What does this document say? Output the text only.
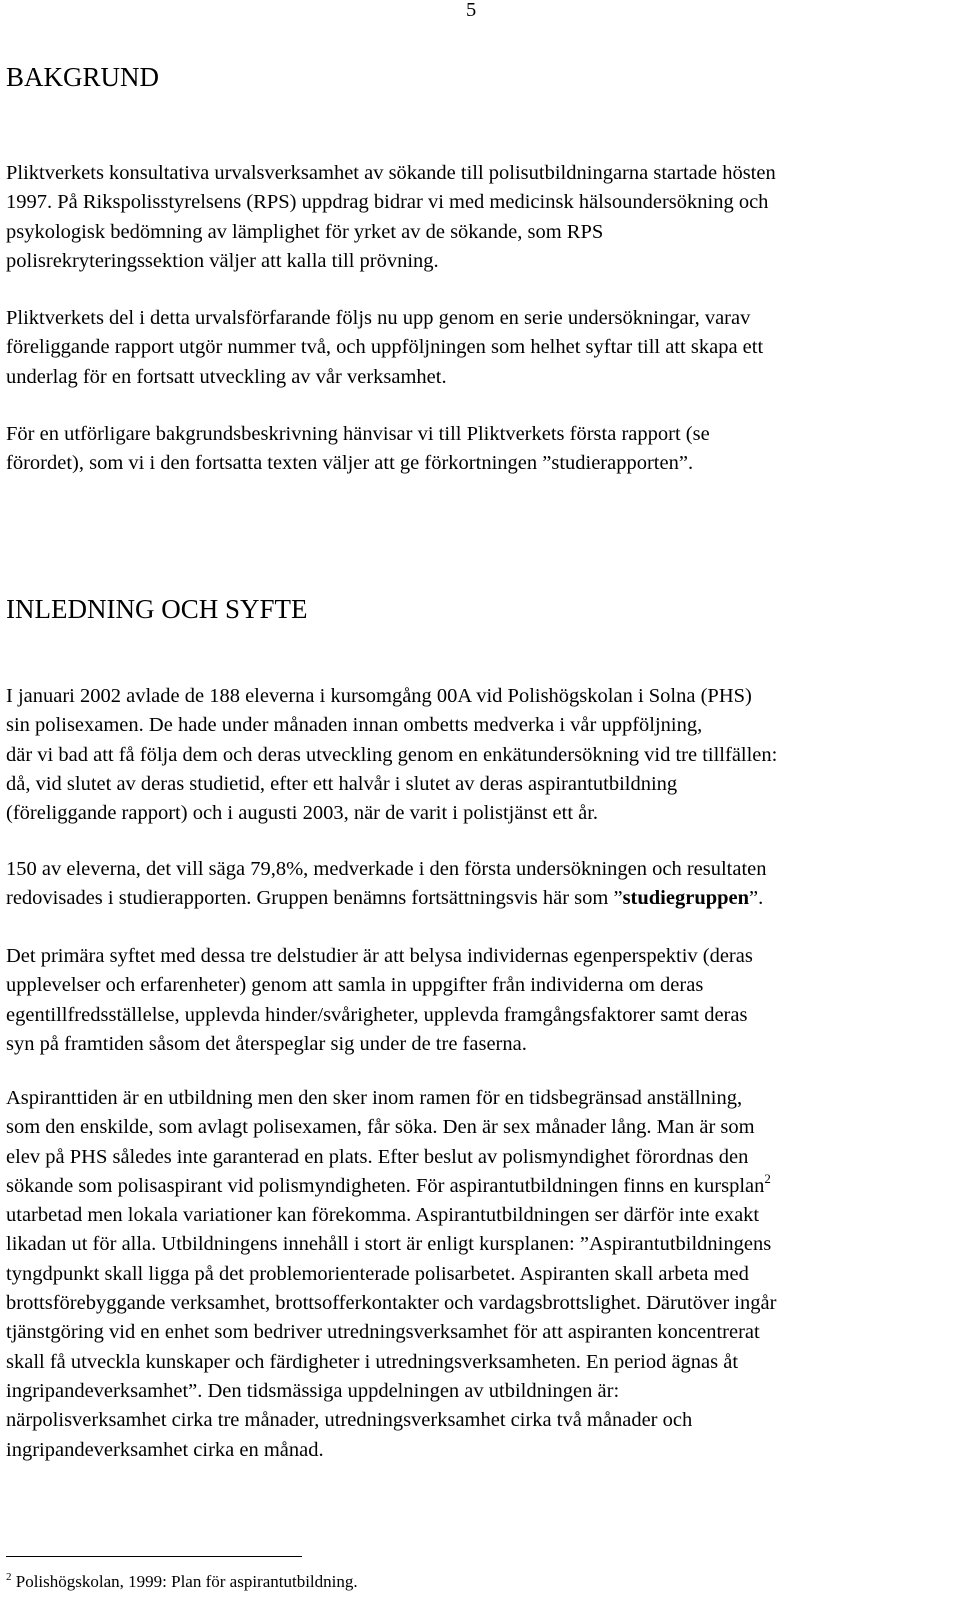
5
BAKGRUND

Pliktverkets konsultativa urvalsverksamhet av sökande till polisutbildningarna startade hösten
1997. På Rikspolisstyrelsens (RPS) uppdrag bidrar vi med medicinsk hälsoundersökning och
psykologisk bedömning av lämplighet för yrket av de sökande, som RPS
polisrekryteringssektion väljer att kalla till prövning.

Pliktverkets del i detta urvalsförfarande följs nu upp genom en serie undersökningar, varav
föreliggande rapport utgör nummer två, och uppföljningen som helhet syftar till att skapa ett
underlag för en fortsatt utveckling av vår verksamhet.

För en utförligare bakgrundsbeskrivning hänvisar vi till Pliktverkets första rapport (se
förordet), som vi i den fortsatta texten väljer att ge förkortningen ”studierapporten”.

INLEDNING OCH SYFTE

I januari 2002 avlade de 188 eleverna i kursomgång 00A vid Polishögskolan i Solna (PHS)
sin polisexamen. De hade under månaden innan ombetts medverka i vår uppföljning,
där vi bad att få följa dem och deras utveckling genom en enkätundersökning vid tre tillfällen:
då, vid slutet av deras studietid, efter ett halvår i slutet av deras aspirantutbildning
(föreliggande rapport) och i augusti 2003, när de varit i polistjänst ett år.

150 av eleverna, det vill säga 79,8%, medverkade i den första undersökningen och resultaten
redovisades i studierapporten. Gruppen benämns fortsättningsvis här som ”studiegruppen”.

Det primära syftet med dessa tre delstudier är att belysa individernas egenperspektiv (deras
upplevelser och erfarenheter) genom att samla in uppgifter från individerna om deras
egentillfredsställelse, upplevda hinder/svårigheter, upplevda framgångsfaktorer samt deras
syn på framtiden såsom det återspeglar sig under de tre faserna.

Aspiranttiden är en utbildning men den sker inom ramen för en tidsbegränsad anställning,
som den enskilde, som avlagt polisexamen, får söka. Den är sex månader lång. Man är som
elev på PHS således inte garanterad en plats. Efter beslut av polismyndighet förordnas den
sökande som polisaspirant vid polismyndigheten. För aspirantutbildningen finns en kursplan$^2$
utarbetad men lokala variationer kan förekomma. Aspirantutbildningen ser därför inte exakt
likadan ut för alla. Utbildningens innehåll i stort är enligt kursplanen: ”Aspirantutbildningens
tyngdpunkt skall ligga på det problemorienterade polisarbetet. Aspiranten skall arbeta med
brottsförebyggande verksamhet, brottsofferkontakter och vardagsbrottslighet. Därutöver ingår
tjänstgöring vid en enhet som bedriver utredningsverksamhet för att aspiranten koncentrerat
skall få utveckla kunskaper och färdigheter i utredningsverksamheten. En period ägnas åt
ingripandeverksamhet”. Den tidsmässiga uppdelningen av utbildningen är:
närpolisverksamhet cirka tre månader, utredningsverksamhet cirka två månader och
ingripandeverksamhet cirka en månad.

$^2$ Polishögskolan, 1999: Plan för aspirantutbildning.
